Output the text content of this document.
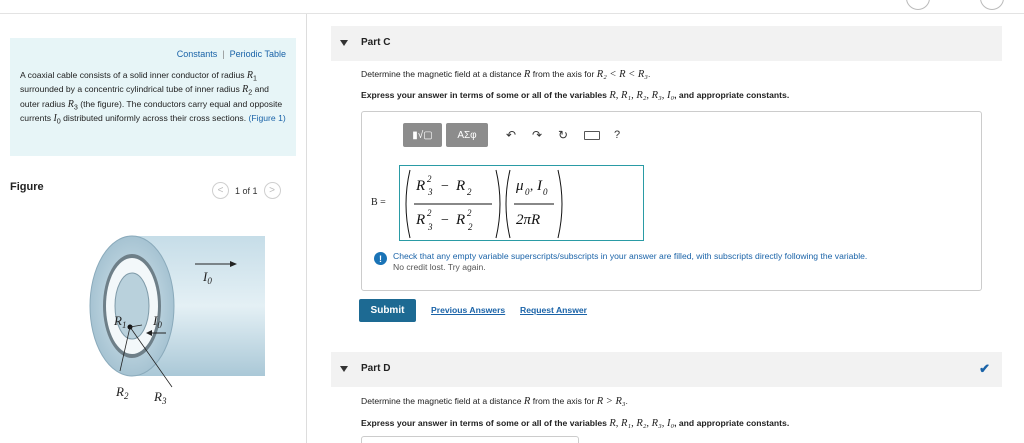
Constants | Periodic Table
A coaxial cable consists of a solid inner conductor of radius $R_1$ surrounded by a concentric cylindrical tube of inner radius $R_2$ and outer radius $R_3$ (the figure). The conductors carry equal and opposite currents $I_0$ distributed uniformly across their cross sections. (Figure 1)
Figure	<	1 of 1	>
$I_0$
$I_0$
$R_1$
$R_2$ $R_3$
Part C
Determine the magnetic field at a distance R from the axis for R₂ < R < R₃.
Express your answer in terms of some or all of the variables R, R₁, R₂, R₃, I₀, and appropriate constants.
▮√▢	ΑΣφ	↶ ↷ ↻	?
B =
R 2
3 − R 2
R 2
3 − R 2
2
μ 0 , I 0
2πR
!	Check that any empty variable superscripts/subscripts in your answer are filled, with subscripts directly following the variable.
No credit lost. Try again.
Submit	Previous Answers Request Answer
Part D	✔
Determine the magnetic field at a distance R from the axis for R > R₃.
Express your answer in terms of some or all of the variables R, R₁, R₂, R₃, I₀, and appropriate constants.
